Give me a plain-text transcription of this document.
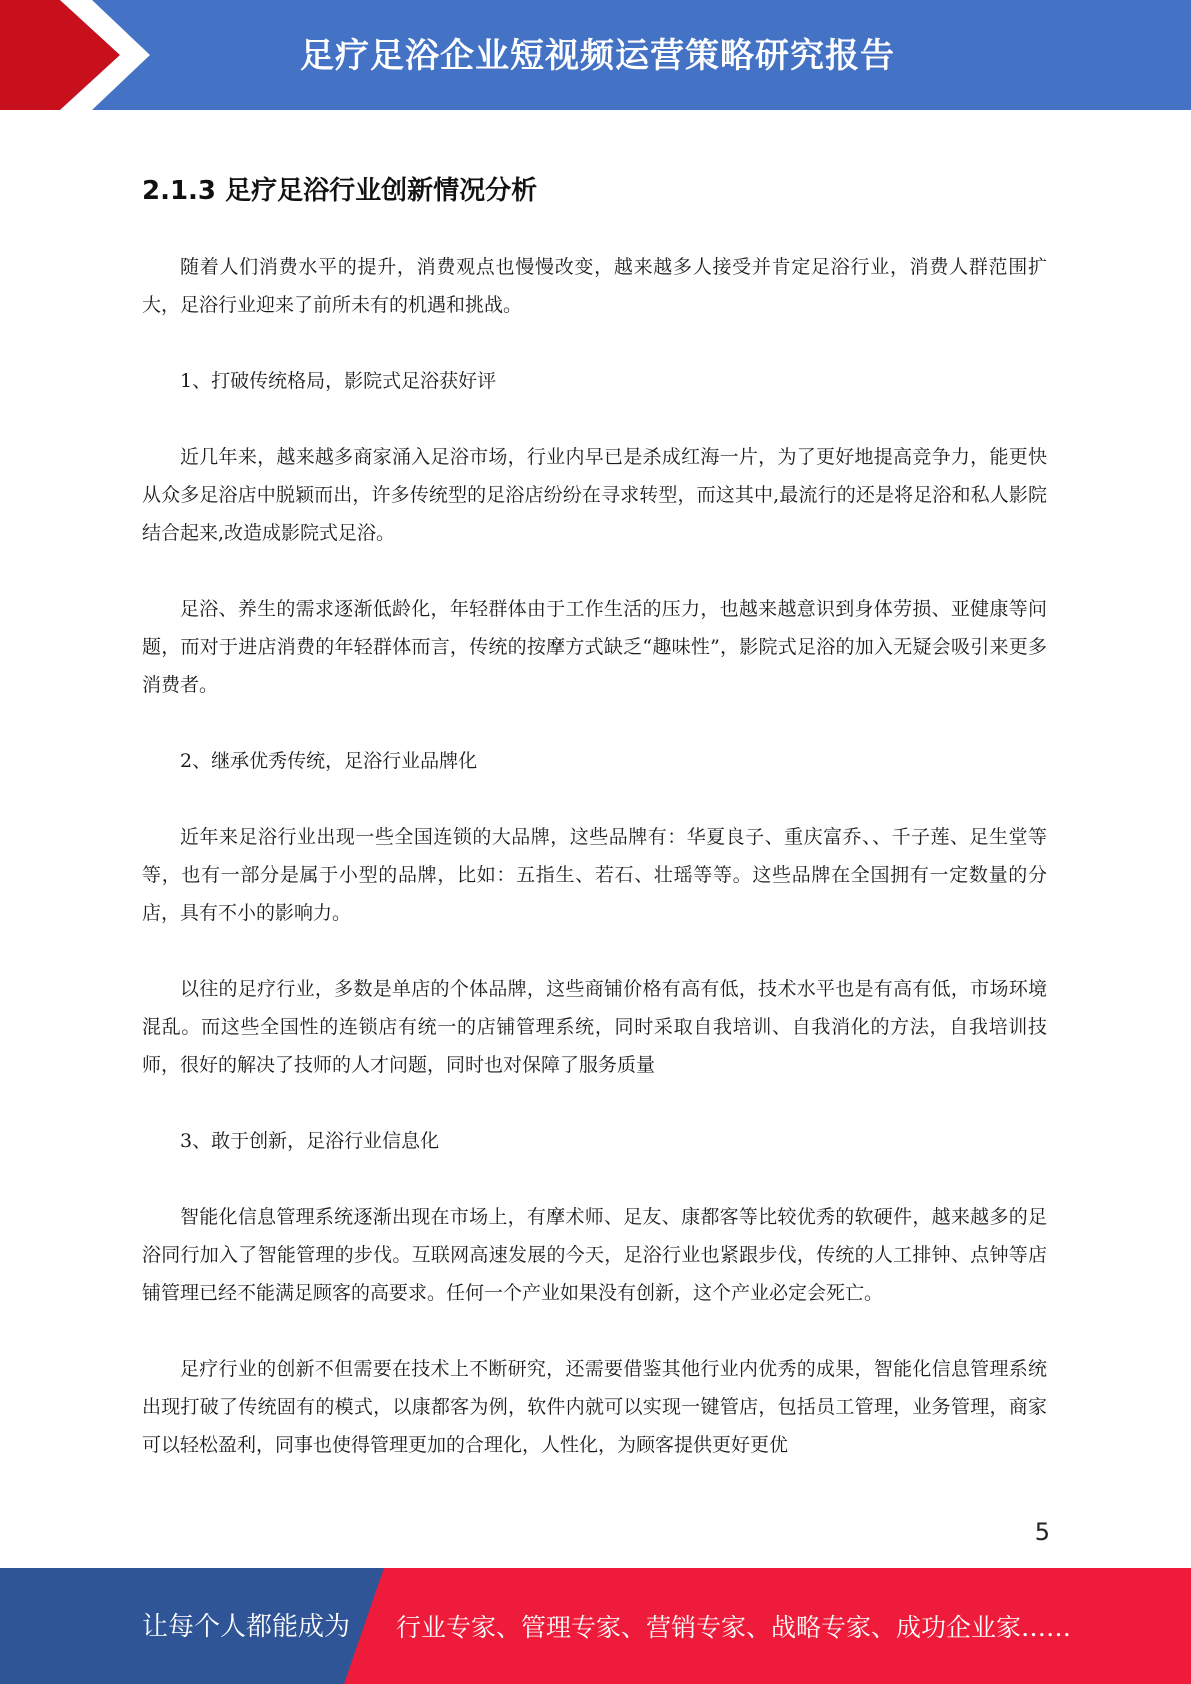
足疗足浴企业短视频运营策略研究报告
2.1.3 足疗足浴行业创新情况分析

随着人们消费水平的提升，消费观点也慢慢改变，越来越多人接受并肯定足浴行业，消费人群范围扩大，足浴行业迎来了前所未有的机遇和挑战。

1、打破传统格局，影院式足浴获好评

近几年来，越来越多商家涌入足浴市场，行业内早已是杀成红海一片，为了更好地提高竞争力，能更快从众多足浴店中脱颖而出，许多传统型的足浴店纷纷在寻求转型，而这其中,最流行的还是将足浴和私人影院结合起来,改造成影院式足浴。

足浴、养生的需求逐渐低龄化，年轻群体由于工作生活的压力，也越来越意识到身体劳损、亚健康等问题，而对于进店消费的年轻群体而言，传统的按摩方式缺乏“趣味性”，影院式足浴的加入无疑会吸引来更多消费者。

2、继承优秀传统，足浴行业品牌化

近年来足浴行业出现一些全国连锁的大品牌，这些品牌有：华夏良子、重庆富乔、、千子莲、足生堂等等，也有一部分是属于小型的品牌，比如：五指生、若石、壮瑶等等。这些品牌在全国拥有一定数量的分店，具有不小的影响力。

以往的足疗行业，多数是单店的个体品牌，这些商铺价格有高有低，技术水平也是有高有低，市场环境混乱。而这些全国性的连锁店有统一的店铺管理系统，同时采取自我培训、自我消化的方法，自我培训技师，很好的解决了技师的人才问题，同时也对保障了服务质量

3、敢于创新，足浴行业信息化

智能化信息管理系统逐渐出现在市场上，有摩术师、足友、康都客等比较优秀的软硬件，越来越多的足浴同行加入了智能管理的步伐。互联网高速发展的今天，足浴行业也紧跟步伐，传统的人工排钟、点钟等店铺管理已经不能满足顾客的高要求。任何一个产业如果没有创新，这个产业必定会死亡。

足疗行业的创新不但需要在技术上不断研究，还需要借鉴其他行业内优秀的成果，智能化信息管理系统出现打破了传统固有的模式，以康都客为例，软件内就可以实现一键管店，包括员工管理，业务管理，商家可以轻松盈利，同事也使得管理更加的合理化，人性化，为顾客提供更好更优

5
让每个人都能成为 行业专家、管理专家、营销专家、战略专家、成功企业家……
